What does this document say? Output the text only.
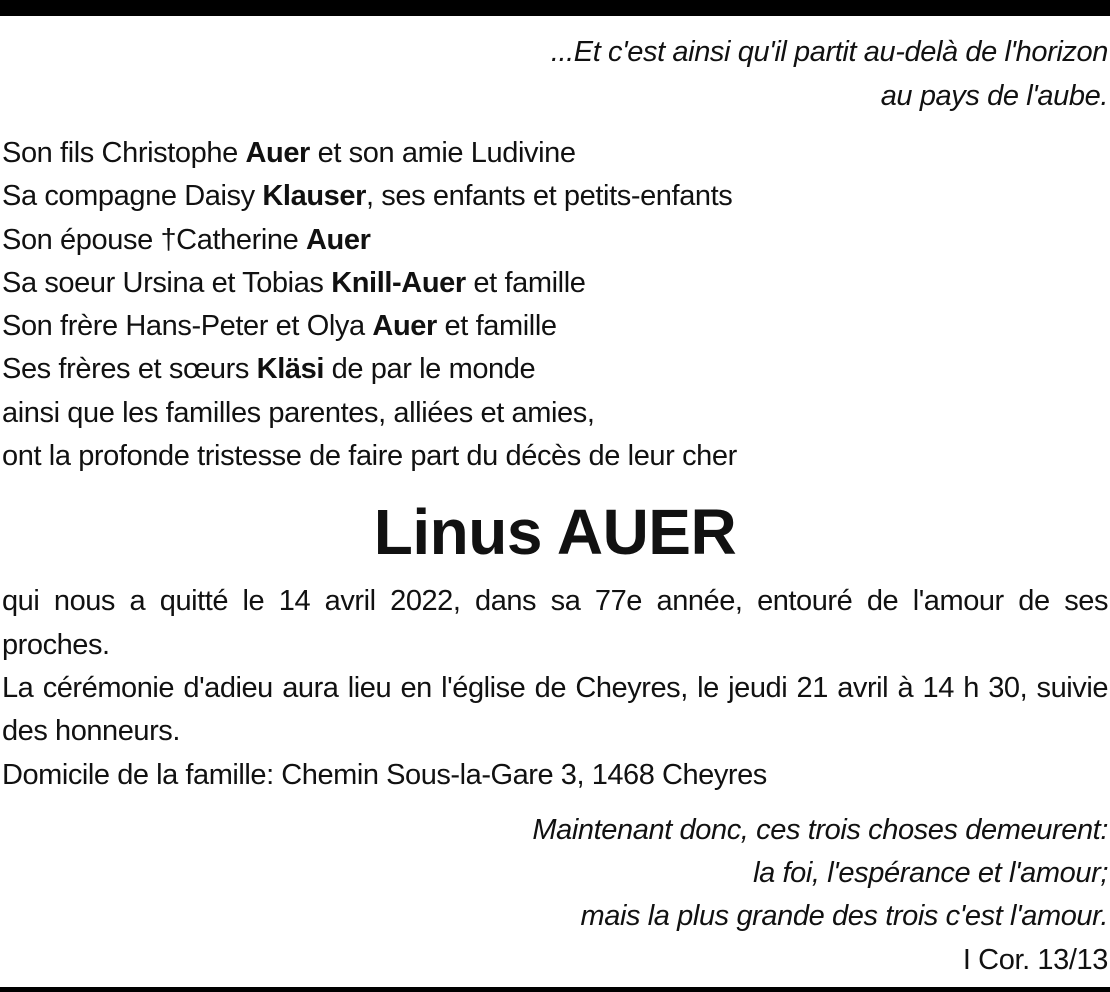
...Et c'est ainsi qu'il partit au-delà de l'horizon
au pays de l'aube.
Son fils Christophe Auer et son amie Ludivine
Sa compagne Daisy Klauser, ses enfants et petits-enfants
Son épouse †Catherine Auer
Sa soeur Ursina et Tobias Knill-Auer et famille
Son frère Hans-Peter et Olya Auer et famille
Ses frères et sœurs Kläsi de par le monde
ainsi que les familles parentes, alliées et amies,
ont la profonde tristesse de faire part du décès de leur cher
Linus AUER

qui nous a quitté le 14 avril 2022, dans sa 77e année, entouré de l'amour de ses proches.

La cérémonie d'adieu aura lieu en l'église de Cheyres, le jeudi 21 avril à 14 h 30, suivie des honneurs.

Domicile de la famille: Chemin Sous-la-Gare 3, 1468 Cheyres

Maintenant donc, ces trois choses demeurent:
la foi, l'espérance et l'amour;
mais la plus grande des trois c'est l'amour.
I Cor. 13/13
